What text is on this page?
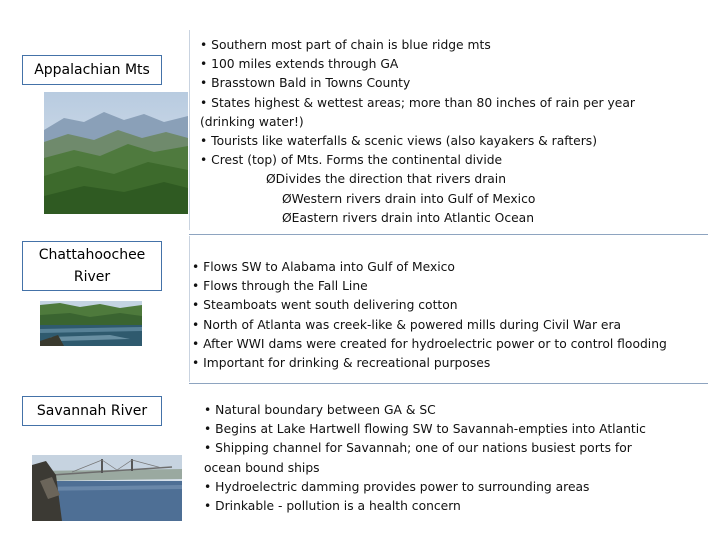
Appalachian Mts
• Southern most part of chain is blue ridge mts
• 100 miles extends through GA
• Brasstown Bald in Towns County
• States highest & wettest areas; more than 80 inches of rain per year
(drinking water!)
• Tourists like waterfalls & scenic views (also kayakers & rafters)
• Crest (top) of Mts. Forms the continental divide
ØDivides the direction that rivers drain
ØWestern rivers drain into Gulf of Mexico
ØEastern rivers drain into Atlantic Ocean
Chattahoochee
River
• Flows SW to Alabama into Gulf of Mexico
• Flows through the Fall Line
• Steamboats went south delivering cotton
• North of Atlanta was creek-like & powered mills during Civil War era
• After WWI dams were created for hydroelectric power or to control flooding
• Important for drinking & recreational purposes
Savannah River	• Natural boundary between GA & SC
• Begins at Lake Hartwell flowing SW to Savannah-empties into Atlantic
• Shipping channel for Savannah; one of our nations busiest ports for
ocean bound ships
• Hydroelectric damming provides power to surrounding areas
• Drinkable - pollution is a health concern
